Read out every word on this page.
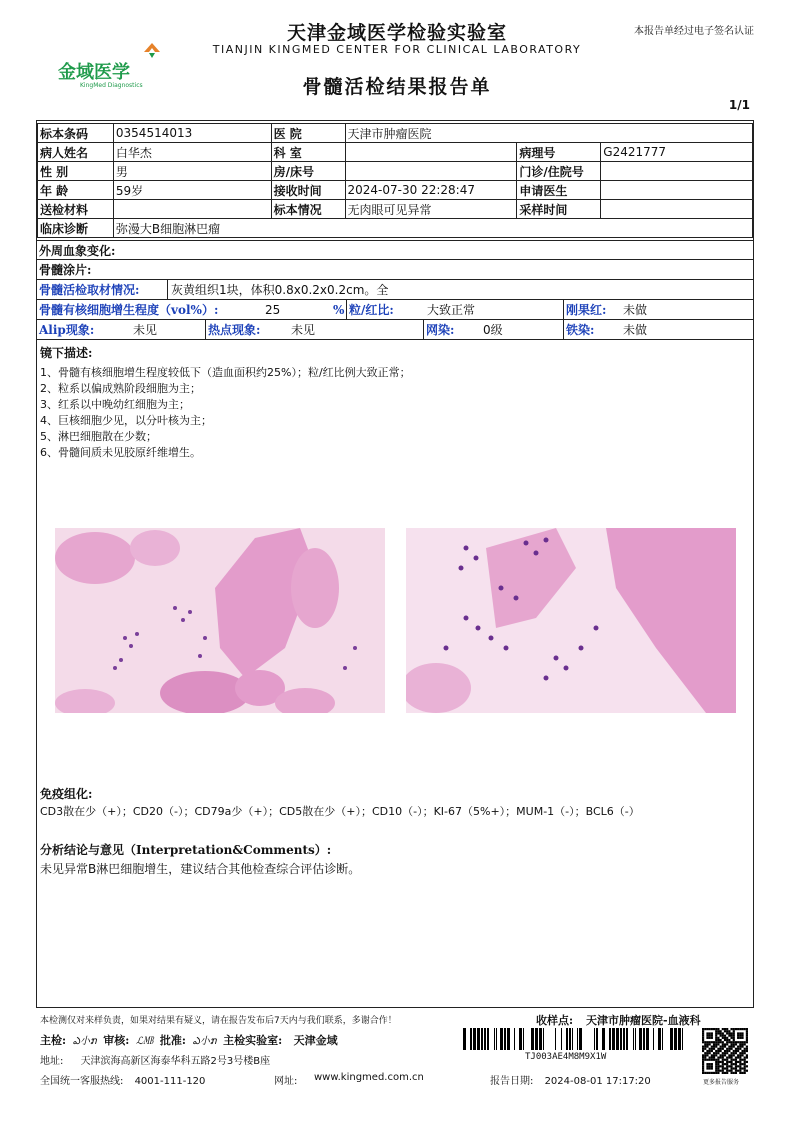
本报告单经过电子签名认证
天津金域医学检验实验室
TIANJIN KINGMED CENTER FOR CLINICAL LABORATORY
骨髓活检结果报告单
金域医学
KingMed Diagnostics
1/1
标本条码	0354514013	医 院	天津市肿瘤医院		
病人姓名	白华杰	科 室		病理号	G2421777
性 别	男	房/床号		门诊/住院号	
年 龄	59岁	接收时间	2024-07-30 22:28:47	申请医生	
送检材料		标本情况	无肉眼可见异常	采样时间	
临床诊断	弥漫大B细胞淋巴瘤				
外周血象变化:
骨髓涂片:
骨髓活检取材情况:	灰黄组织1块，体积0.8x0.2x0.2cm。全
骨髓有核细胞增生程度（vol%）:	25	% 粒/红比:	大致正常	刚果红: 未做
Alip现象:	未见	热点现象:	未见	网染: 0级	铁染: 未做
镜下描述:
1、骨髓有核细胞增生程度较低下（造血面积约25%）；粒/红比例大致正常；
2、粒系以偏成熟阶段细胞为主；
3、红系以中晚幼红细胞为主；
4、巨核细胞少见，以分叶核为主；
5、淋巴细胞散在少数；
6、骨髓间质未见胶原纤维增生。
免疫组化:
CD3散在少（+）；CD20（-）；CD79a少（+）；CD5散在少（+）；CD10（-）；KI-67（5%+）；MUM-1（-）；BCL6（-）
分析结论与意见（Interpretation&Comments）:
未见异常B淋巴细胞增生，建议结合其他检查综合评估诊断。
本检测仅对来样负责，如果对结果有疑义，请在报告发布后7天内与我们联系，多谢合作！	收样点: 天津市肿瘤医院-血液科
主检:  ఎ小ກ  审核:  ℒ㎆  批准:  ఎ小ກ  主检实验室: 天津金域
地址: 天津滨海高新区海泰华科五路2号3号楼B座
全国统一客服热线: 4001-111-120	网址: www.kingmed.com.cn	报告日期: 2024-08-01 17:17:20
TJ003AE4M8M9X1W
更多报告服务
